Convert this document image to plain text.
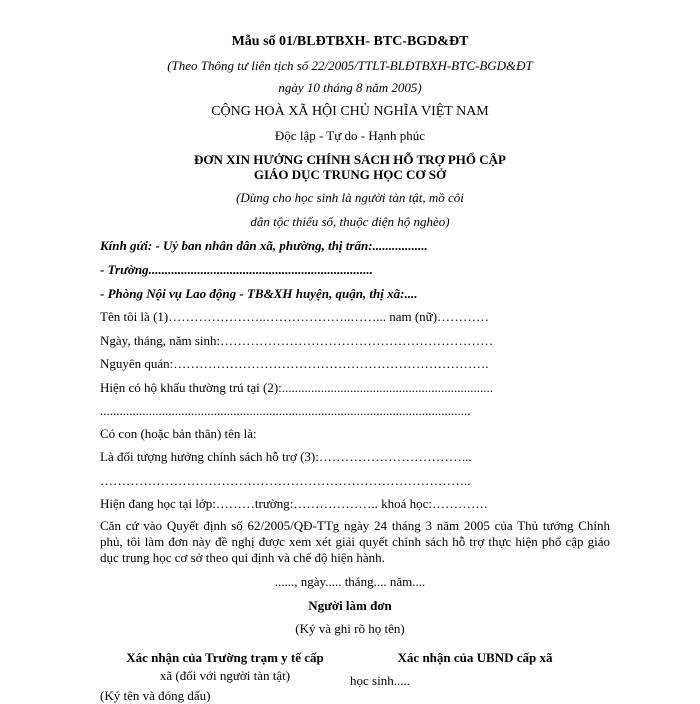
Mẫu số 01/BLĐTBXH- BTC-BGD&ĐT
(Theo Thông tư liên tịch số 22/2005/TTLT-BLĐTBXH-BTC-BGD&ĐT
ngày 10 tháng 8 năm 2005)
CỘNG HOÀ XÃ HỘI CHỦ NGHĨA VIỆT NAM
Độc lập - Tự do - Hạnh phúc
ĐƠN XIN HƯỞNG CHÍNH SÁCH HỖ TRỢ PHỔ CẬP
GIÁO DỤC TRUNG HỌC CƠ SỞ
(Dùng cho học sinh là người tàn tật, mồ côi
dân tộc thiểu số, thuộc diện hộ nghèo)
Kính gửi: - Uỷ ban nhân dân xã, phường, thị trấn:.................
- Trường.....................................................................
- Phòng Nội vụ Lao động - TB&XH huyện, quận, thị xã:....
Tên tôi là (1)…………………..………………..……... nam (nữ)…………
Ngày, tháng, năm sinh:………………………………………………………
Nguyên quán:……………………………………………………………….
Hiện có hộ khẩu thường trú tại (2):.................................................................
..................................................................................................................
Có con (hoặc bản thân) tên là:
Là đối tượng hưởng chính sách hỗ trợ (3):……………………………...
…………………………………………………………………………..
Hiện đang học tại lớp:………trường:……………….. khoá học:………….
Căn cứ vào Quyết định số 62/2005/QĐ-TTg ngày 24 tháng 3 năm 2005 của Thủ tướng Chính phủ, tôi làm đơn này đề nghị được xem xét giải quyết chính sách hỗ trợ thực hiện phổ cập giáo dục trung học cơ sở theo qui định và chế độ hiện hành.
......, ngày..... tháng.... năm....
Người làm đơn
(Ký và ghi rõ họ tên)
Xác nhận của Trường trạm y tế cấp
xã (đối với người tàn tật)
(Ký tên và đóng dấu)
Xác nhận của UBND cấp xã
học sinh.....
